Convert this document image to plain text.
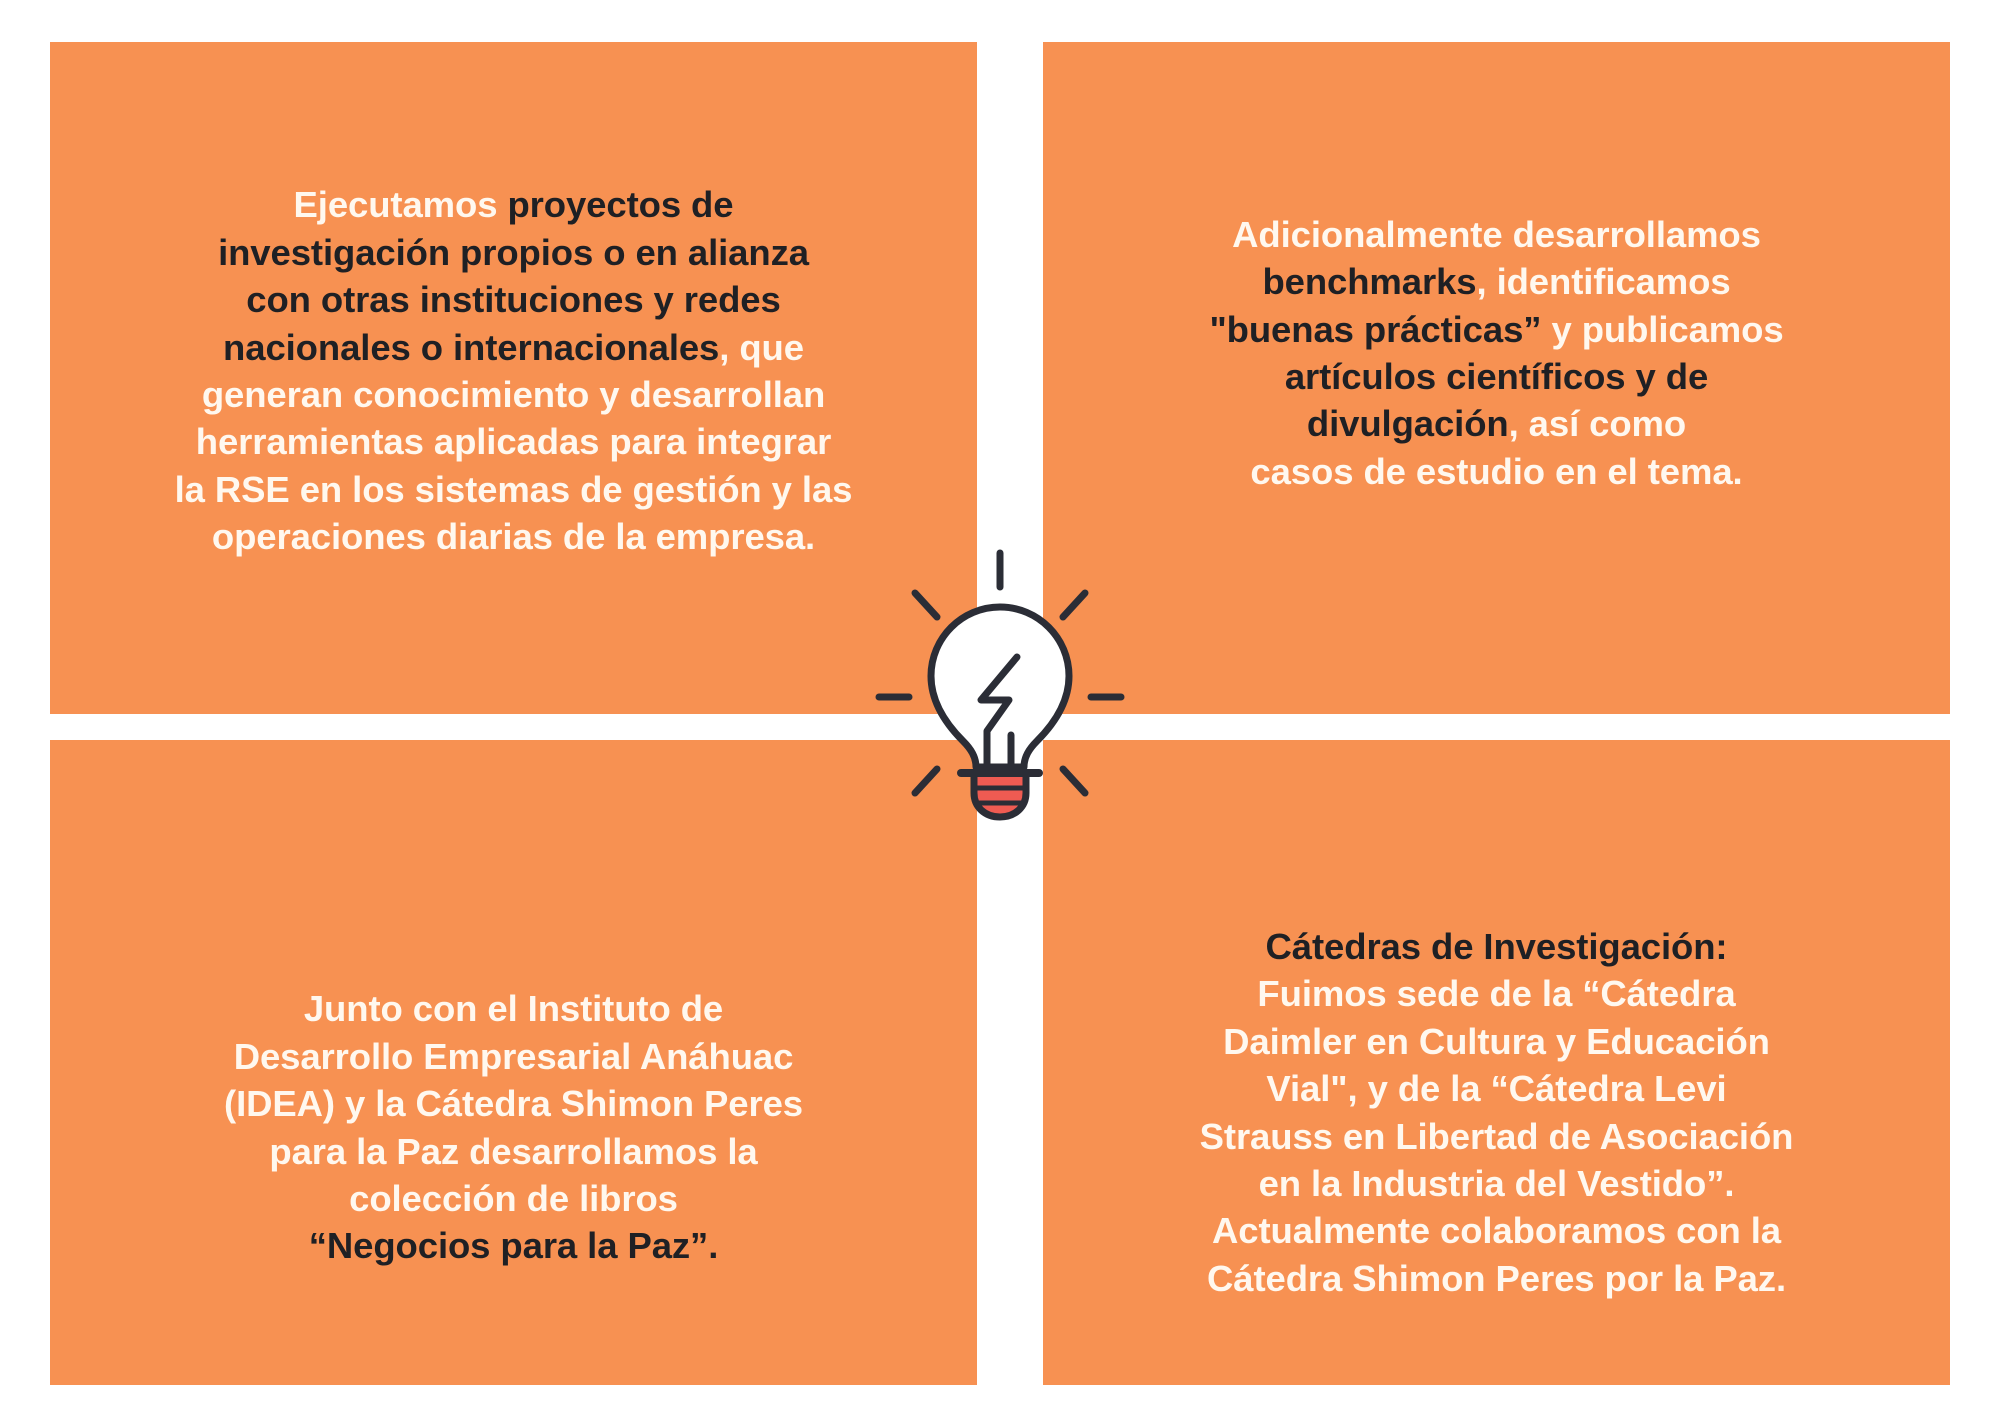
Ejecutamos proyectos de
investigación propios o en alianza
con otras instituciones y redes
nacionales o internacionales, que
generan conocimiento y desarrollan
herramientas aplicadas para integrar
la RSE en los sistemas de gestión y las
operaciones diarias de la empresa.
Adicionalmente desarrollamos
benchmarks, identificamos
"buenas prácticas” y publicamos
artículos científicos y de
divulgación, así como
casos de estudio en el tema.
Junto con el Instituto de
Desarrollo Empresarial Anáhuac
(IDEA) y la Cátedra Shimon Peres
para la Paz desarrollamos la
colección de libros
“Negocios para la Paz”.
Cátedras de Investigación:
Fuimos sede de la “Cátedra
Daimler en Cultura y Educación
Vial", y de la “Cátedra Levi
Strauss en Libertad de Asociación
en la Industria del Vestido”.
Actualmente colaboramos con la
Cátedra Shimon Peres por la Paz.
